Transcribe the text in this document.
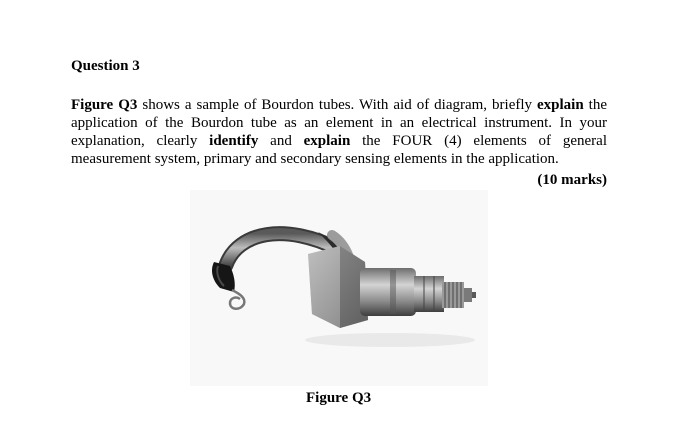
Question 3
Figure Q3 shows a sample of Bourdon tubes. With aid of diagram, briefly explain the application of the Bourdon tube as an element in an electrical instrument. In your explanation, clearly identify and explain the FOUR (4) elements of general measurement system, primary and secondary sensing elements in the application.
(10 marks)
Figure Q3
